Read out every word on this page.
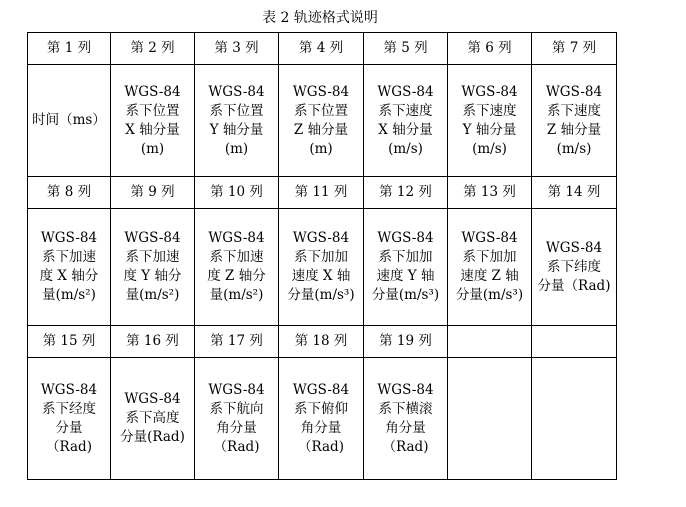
表 2 轨迹格式说明
第 1 列	第 2 列	第 3 列	第 4 列	第 5 列	第 6 列	第 7 列
时间（ms）	WGS-84
系下位置
X 轴分量
(m)	WGS-84
系下位置
Y 轴分量
(m)	WGS-84
系下位置
Z 轴分量
(m)	WGS-84
系下速度
X 轴分量
(m/s)	WGS-84
系下速度
Y 轴分量
(m/s)	WGS-84
系下速度
Z 轴分量
(m/s)
第 8 列	第 9 列	第 10 列	第 11 列	第 12 列	第 13 列	第 14 列
WGS-84
系下加速
度 X 轴分
量(m/s²)	WGS-84
系下加速
度 Y 轴分
量(m/s²)	WGS-84
系下加速
度 Z 轴分
量(m/s²)	WGS-84
系下加加
速度 X 轴
分量(m/s³)	WGS-84
系下加加
速度 Y 轴
分量(m/s³)	WGS-84
系下加加
速度 Z 轴
分量(m/s³)	WGS-84
系下纬度
分量（Rad)
第 15 列	第 16 列	第 17 列	第 18 列	第 19 列		
WGS-84
系下经度
分量
（Rad)	WGS-84
系下高度
分量(Rad)	WGS-84
系下航向
角分量
（Rad)	WGS-84
系下俯仰
角分量
（Rad)	WGS-84
系下横滚
角分量
（Rad)		
